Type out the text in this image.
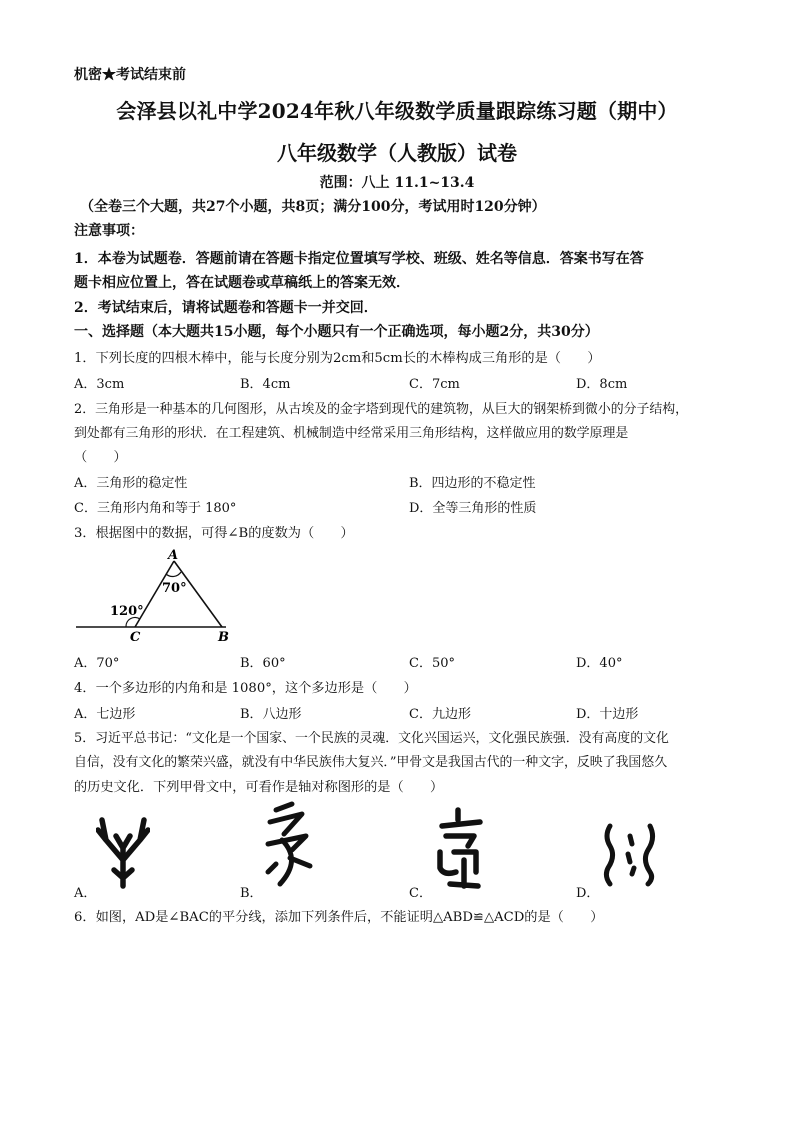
机密★考试结束前
会泽县以礼中学2024年秋八年级数学质量跟踪练习题（期中）
八年级数学（人教版）试卷
范围：八上 11.1~13.4
（全卷三个大题，共27个小题，共8页；满分100分，考试用时120分钟）
注意事项：
1．本卷为试题卷．答题前请在答题卡指定位置填写学校、班级、姓名等信息．答案书写在答
题卡相应位置上，答在试题卷或草稿纸上的答案无效．
2．考试结束后，请将试题卷和答题卡一并交回．
一、选择题（本大题共15小题，每个小题只有一个正确选项，每小题2分，共30分）
1．下列长度的四根木棒中，能与长度分别为2cm和5cm长的木棒构成三角形的是（　　）
A．3cm	B．4cm	C．7cm	D．8cm
2．三角形是一种基本的几何图形，从古埃及的金字塔到现代的建筑物，从巨大的钢架桥到微小的分子结构，
到处都有三角形的形状．在工程建筑、机械制造中经常采用三角形结构，这样做应用的数学原理是
（　　）
A．三角形的稳定性	B．四边形的不稳定性
C．三角形内角和等于 180°	D．全等三角形的性质
3．根据图中的数据，可得∠B的度数为（　　）
A
70°
120°
C	B
A．70°	B．60°	C．50°	D．40°
4．一个多边形的内角和是 1080°，这个多边形是（　　）
A．七边形	B．八边形	C．九边形	D．十边形
5．习近平总书记：“文化是一个国家、一个民族的灵魂．文化兴国运兴，文化强民族强．没有高度的文化
自信，没有文化的繁荣兴盛，就没有中华民族伟大复兴．”甲骨文是我国古代的一种文字，反映了我国悠久
的历史文化．下列甲骨文中，可看作是轴对称图形的是（　　）
A．	B．	C．	D．
6．如图，AD是∠BAC的平分线，添加下列条件后，不能证明△ABD≌△ACD的是（　　）
